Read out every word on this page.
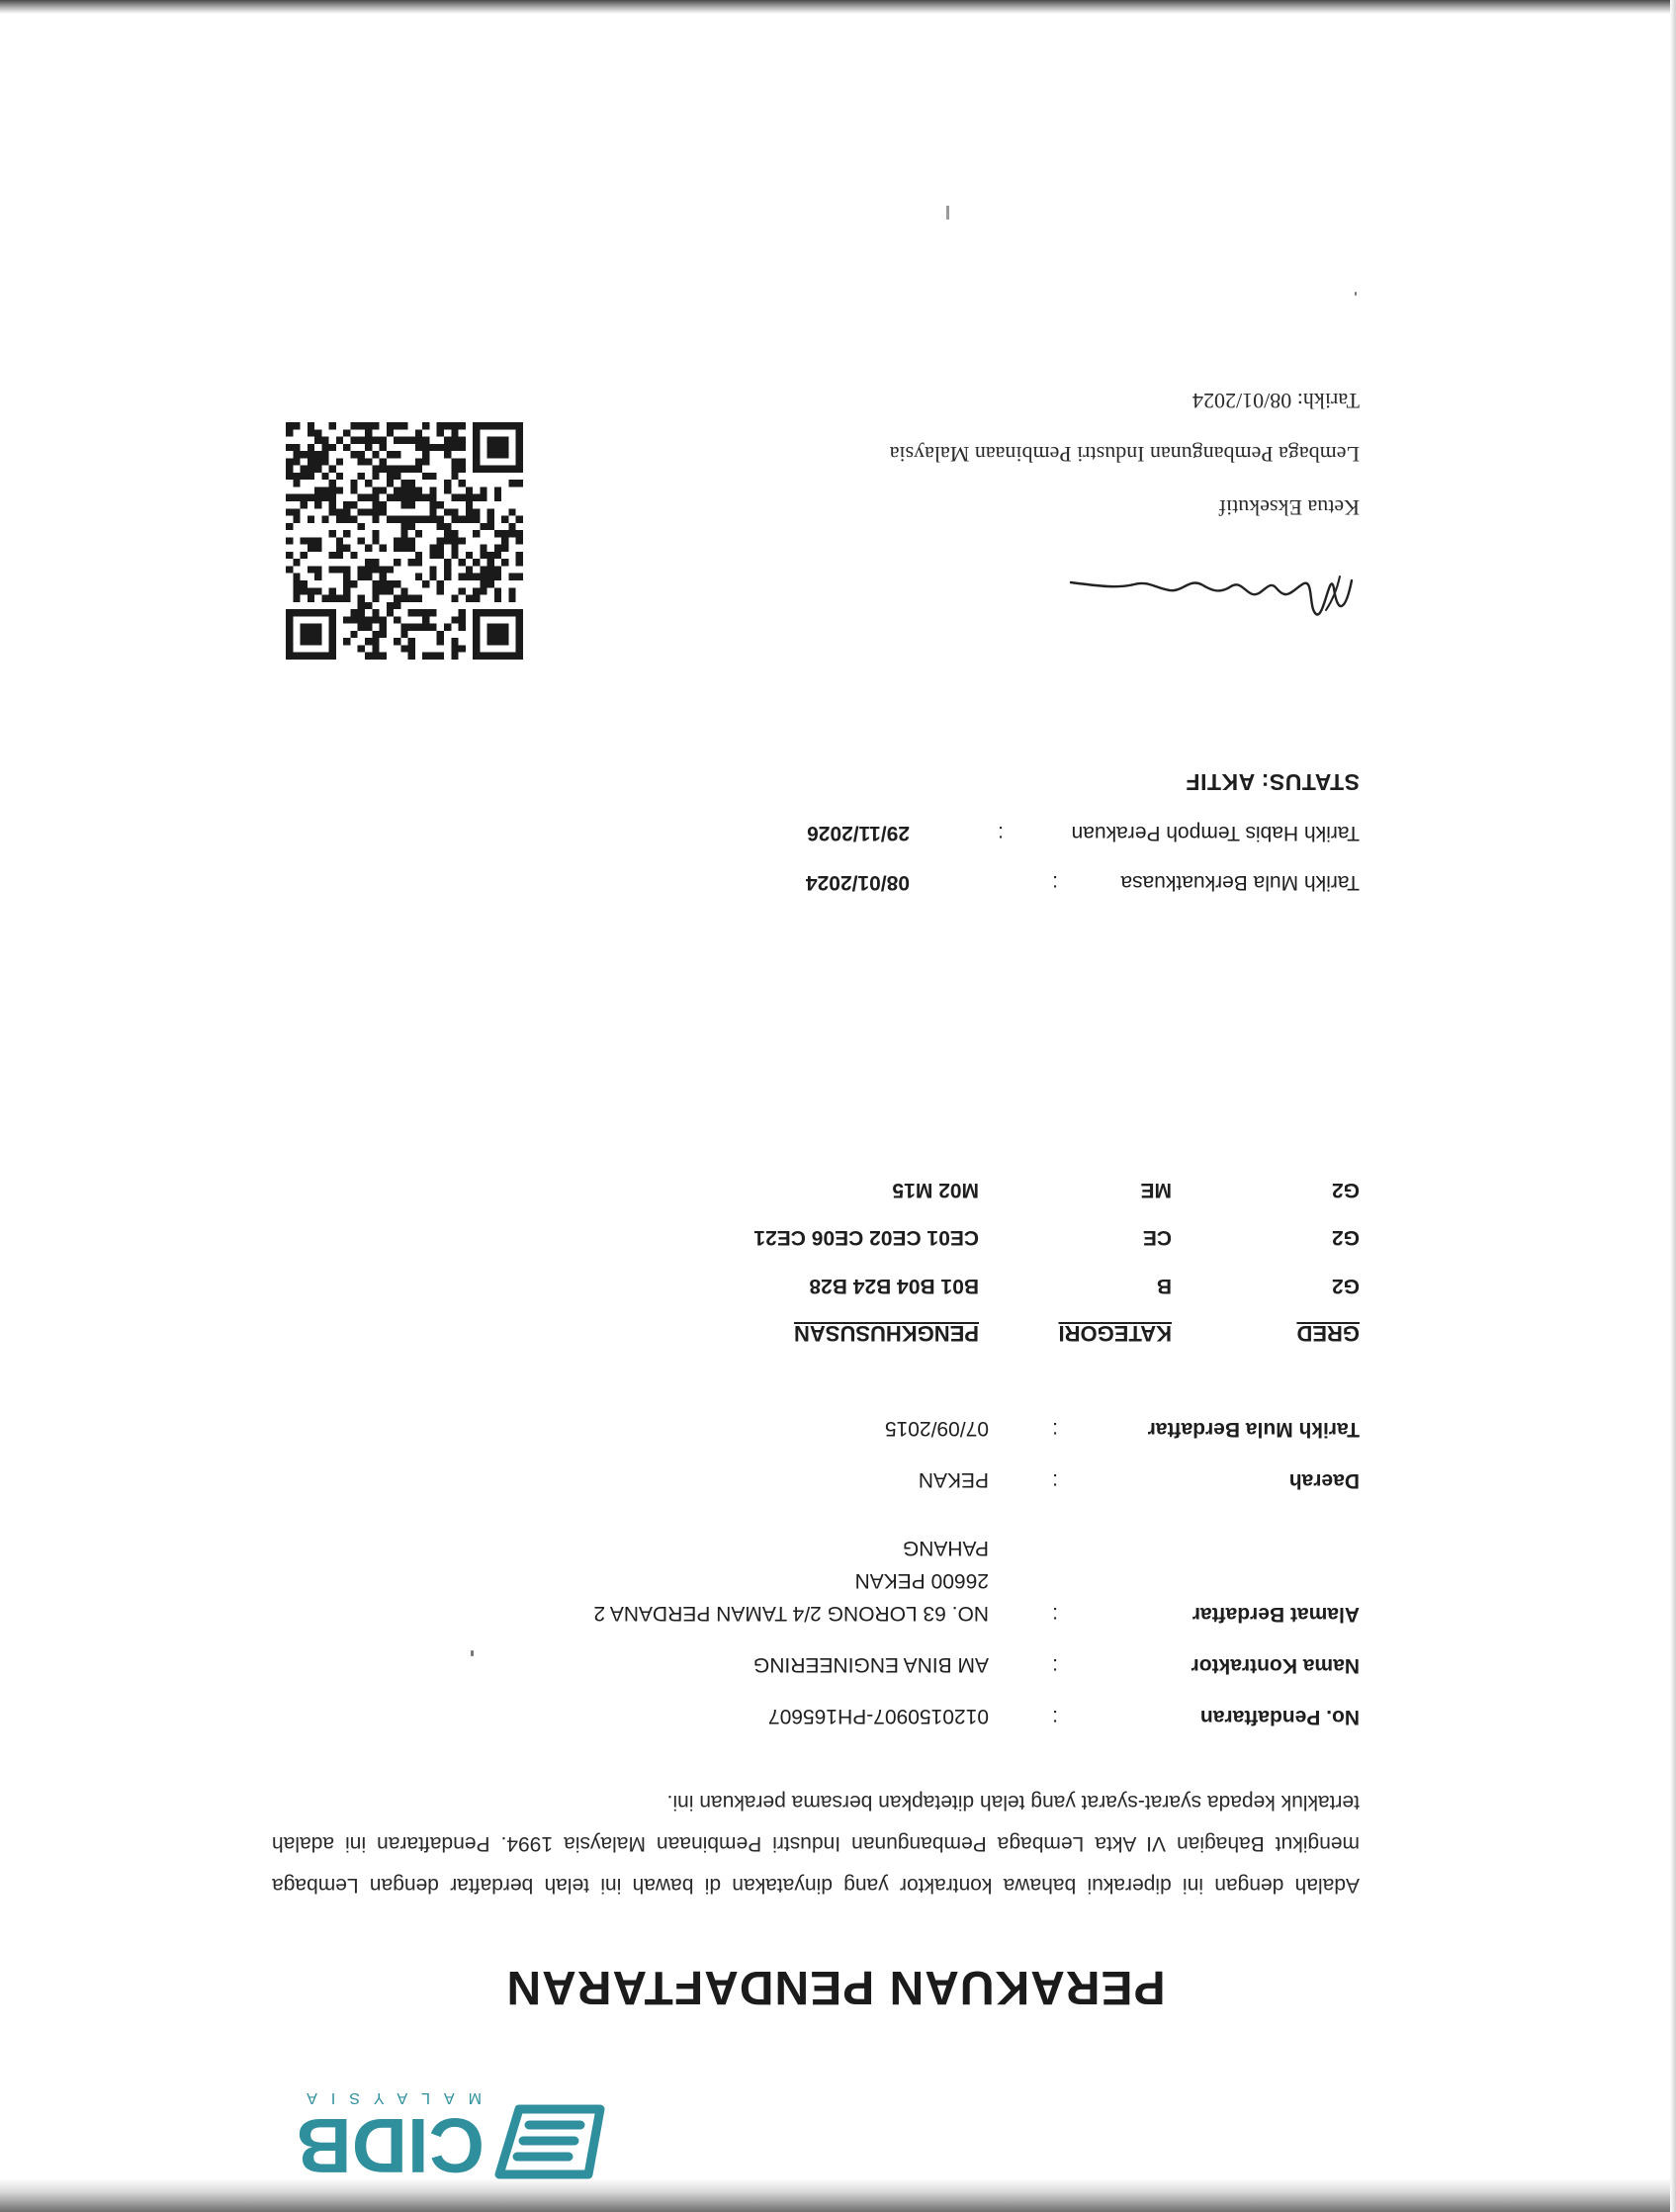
CIDB
MALAYSIA
PERAKUAN PENDAFTARAN
Adalah dengan ini diperakui bahawa kontraktor yang dinyatakan di bawah ini telah berdaftar dengan Lembaga mengikut Bahagian VI Akta Lembaga Pembangunan Industri Pembinaan Malaysia 1994. Pendaftaran ini adalah tertakluk kepada syarat-syarat yang telah ditetapkan bersama perakuan ini.
No. Pendaftaran
:
0120150907-PH165607
Nama Kontraktor
:
AM BINA ENGINEERING
Alamat Berdaftar
:
NO. 63 LORONG 2/4 TAMAN PERDANA 2
26600 PEKAN
PAHANG
Daerah
:
PEKAN
Tarikh Mula Berdaftar
:
07/09/2015
GRED
KATEGORI
PENGKHUSUSAN
G2
B
B01 B04 B24 B28
G2
CE
CE01 CE02 CE06 CE21
G2
ME
M02 M15
Tarikh Mula Berkuatkuasa
:
08/01/2024
Tarikh Habis Tempoh Perakuan
:
29/11/2026
STATUS: AKTIF
Ketua Eksekutif
Lembaga Pembangunan Industri Pembinaan Malaysia
Tarikh: 08/01/2024
